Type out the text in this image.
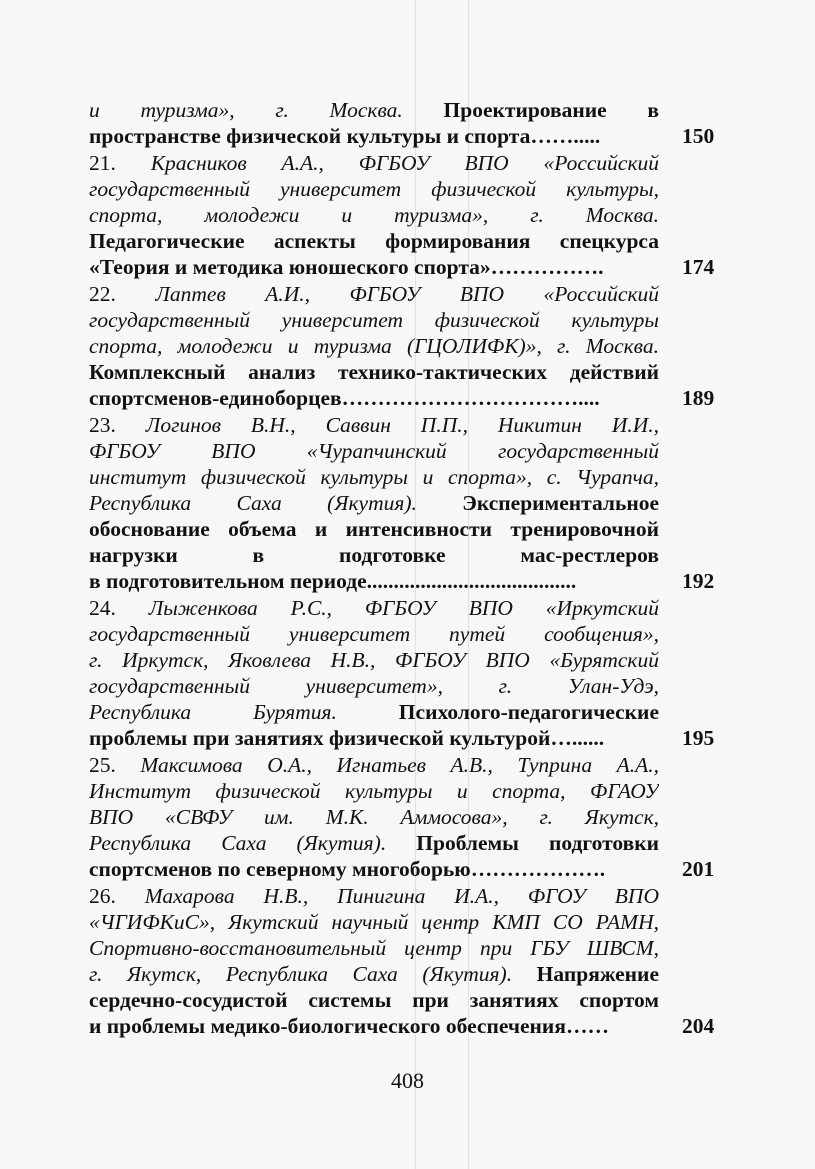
и туризма», г. Москва. Проектирование в
пространстве физической культуры и спорта…….....	150
21. Красников А.А., ФГБОУ ВПО «Российский
государственный университет физической культуры,
спорта, молодежи и туризма», г. Москва.
Педагогические аспекты формирования спецкурса
«Теория и методика юношеского спорта»…………….	174
22. Лаптев А.И., ФГБОУ ВПО «Российский
государственный университет физической культуры
спорта, молодежи и туризма (ГЦОЛИФК)», г. Москва.
Комплексный анализ технико-тактических действий
спортсменов-единоборцев……………………………....	189
23. Логинов В.Н., Саввин П.П., Никитин И.И.,
ФГБОУ ВПО «Чурапчинский государственный
институт физической культуры и спорта», с. Чурапча,
Республика Саха (Якутия). Экспериментальное
обоснование объема и интенсивности тренировочной
нагрузки в подготовке мас-рестлеров
в подготовительном периоде.......................................	192
24. Лыженкова Р.С., ФГБОУ ВПО «Иркутский
государственный университет путей сообщения»,
г. Иркутск, Яковлева Н.В., ФГБОУ ВПО «Бурятский
государственный университет», г. Улан-Удэ,
Республика Бурятия.	Психолого-педагогические
проблемы при занятиях физической культурой…......	195
25. Максимова О.А., Игнатьев А.В., Туприна А.А.,
Институт физической культуры и спорта, ФГАОУ
ВПО «СВФУ им. М.К. Аммосова», г. Якутск,
Республика Саха (Якутия). Проблемы подготовки
спортсменов по северному многоборью……………….	201
26. Махарова Н.В., Пинигина И.А., ФГОУ ВПО
«ЧГИФКиС», Якутский научный центр КМП СО РАМН,
Спортивно-восстановительный центр при ГБУ ШВСМ,
г. Якутск, Республика Саха (Якутия). Напряжение
сердечно-сосудистой системы при занятиях спортом
и проблемы медико-биологического обеспечения……	204
408
